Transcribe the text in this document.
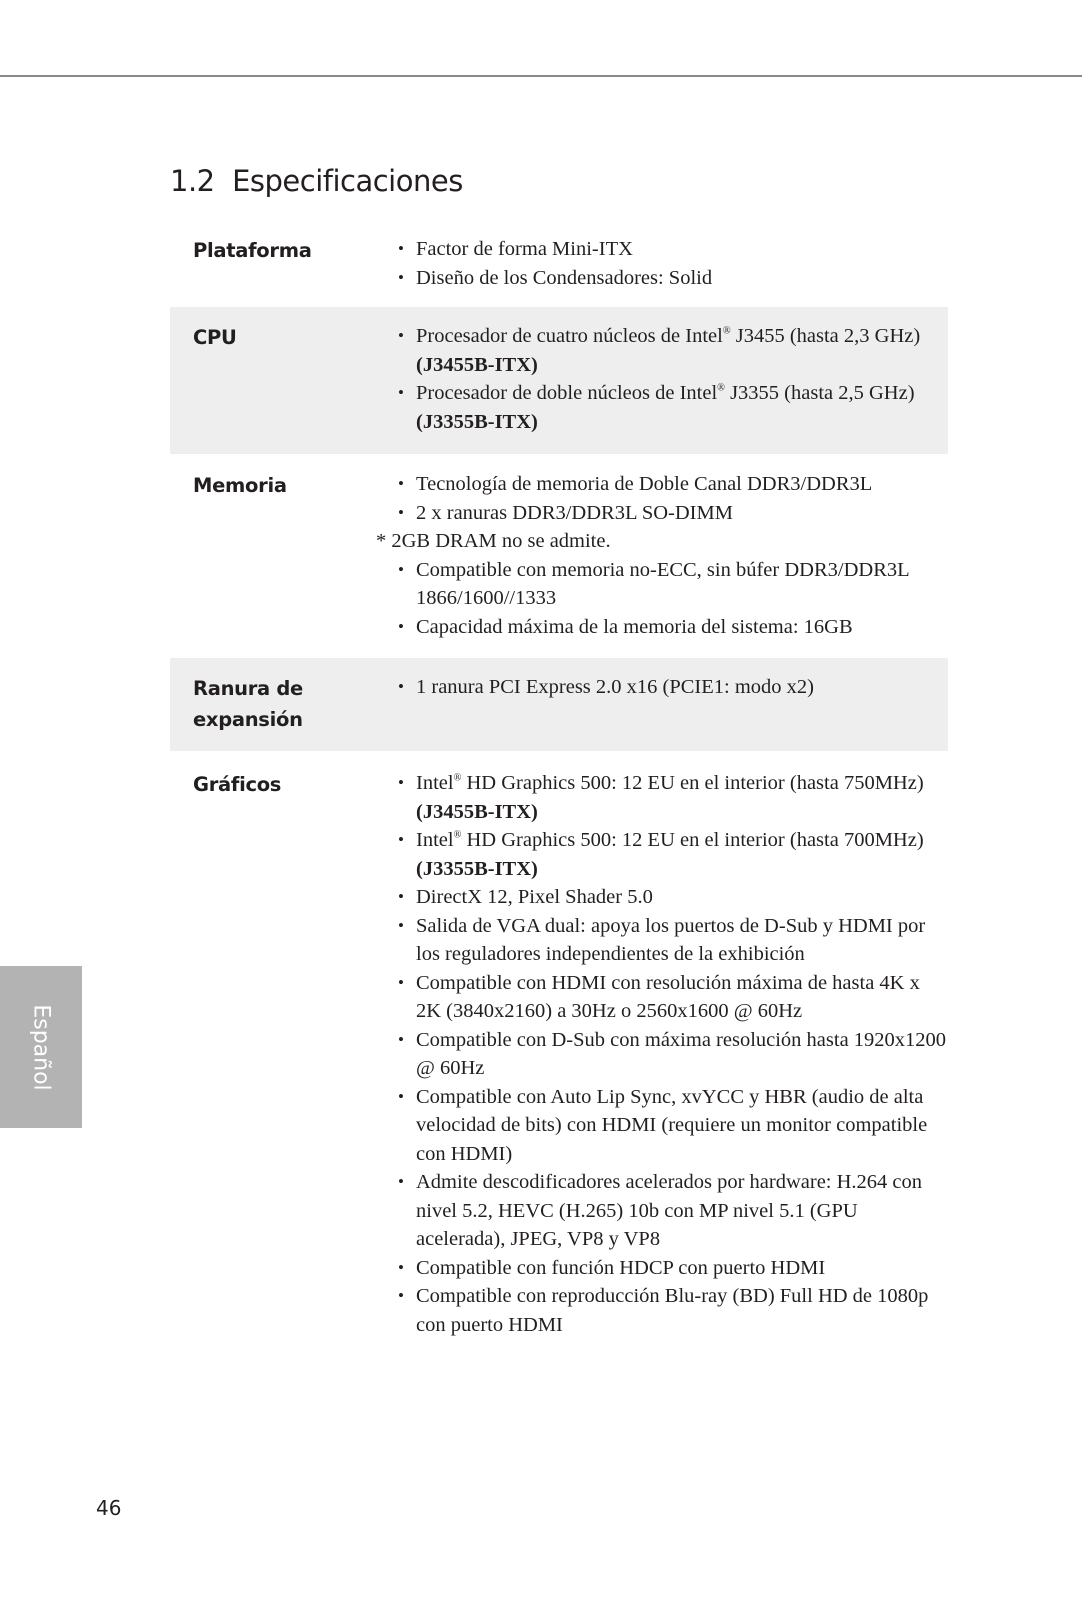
1.2 Especificaciones
Plataforma	• Factor de forma Mini-ITX
• Diseño de los Condensadores: Solid
CPU	• Procesador de cuatro núcleos de Intel® J3455 (hasta 2,3 GHz)
(J3455B-ITX)
• Procesador de doble núcleos de Intel® J3355 (hasta 2,5 GHz)
(J3355B-ITX)
Memoria	• Tecnología de memoria de Doble Canal DDR3/DDR3L
• 2 x ranuras DDR3/DDR3L SO-DIMM
* 2GB DRAM no se admite.
• Compatible con memoria no-ECC, sin búfer DDR3/DDR3L 1866/1600//1333
• Capacidad máxima de la memoria del sistema: 16GB
Ranura de
expansión
• 1 ranura PCI Express 2.0 x16 (PCIE1: modo x2)
Gráficos	• Intel® HD Graphics 500: 12 EU en el interior (hasta 750MHz)
(J3455B-ITX)
• Intel® HD Graphics 500: 12 EU en el interior (hasta 700MHz)
(J3355B-ITX)
• DirectX 12, Pixel Shader 5.0
• Salida de VGA dual: apoya los puertos de D-Sub y HDMI por los reguladores independientes de la exhibición
• Compatible con HDMI con resolución máxima de hasta 4K x 2K (3840x2160) a 30Hz o 2560x1600 @ 60Hz
• Compatible con D-Sub con máxima resolución hasta 1920x1200 @ 60Hz
• Compatible con Auto Lip Sync, xvYCC y HBR (audio de alta velocidad de bits) con HDMI (requiere un monitor compatible con HDMI)
• Admite descodificadores acelerados por hardware: H.264 con nivel 5.2, HEVC (H.265) 10b con MP nivel 5.1 (GPU acelerada), JPEG, VP8 y VP8
• Compatible con función HDCP con puerto HDMI
• Compatible con reproducción Blu-ray (BD) Full HD de 1080p con puerto HDMI
Español
46
